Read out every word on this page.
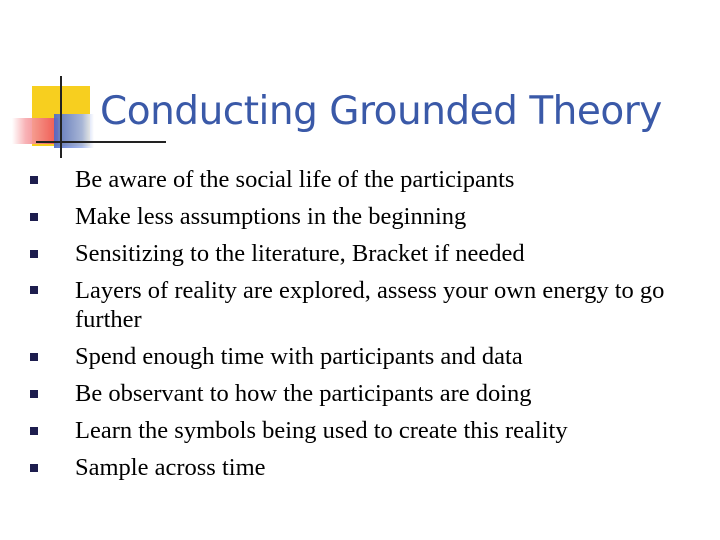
Conducting Grounded Theory
Be aware of the social life of the participants
Make less assumptions in the beginning
Sensitizing to the literature, Bracket if needed
Layers of reality are explored, assess your own energy to go further
Spend enough time with participants and data
Be observant to how the participants are doing
Learn the symbols being used to create this reality
Sample across time
